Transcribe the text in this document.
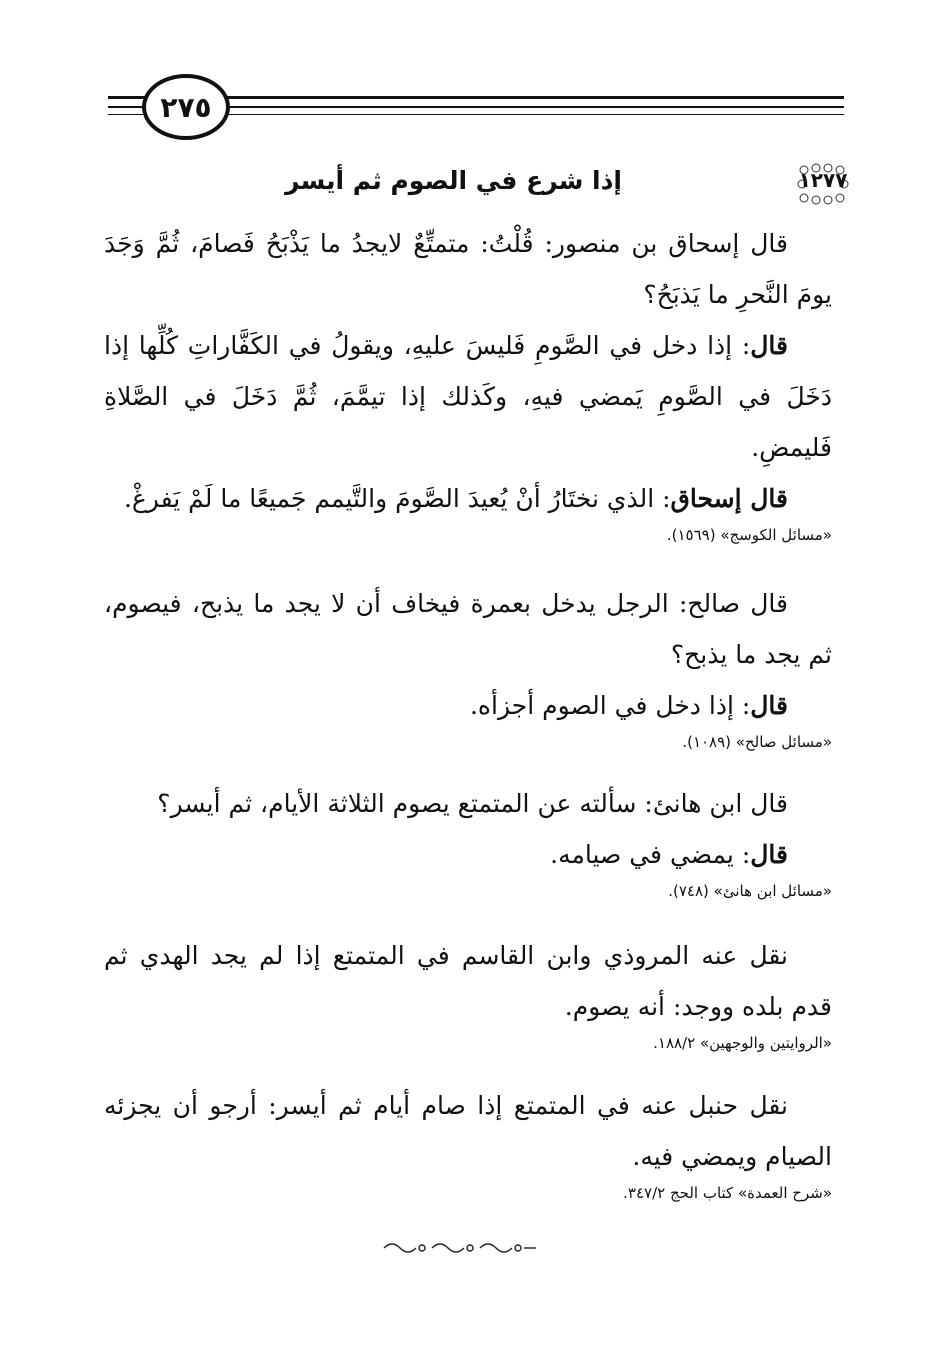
٢٧٥
١٢٧٧
إذا شرع في الصوم ثم أيسر

قال إسحاق بن منصور: قُلْتُ: متمتِّعٌ لايجدُ ما يَذْبَحُ فَصامَ، ثُمَّ وَجَدَ يومَ النَّحرِ ما يَذبَحُ؟

قال: إذا دخل في الصَّومِ فَليسَ عليهِ، ويقولُ في الكَفَّاراتِ كُلِّها إذا دَخَلَ في الصَّومِ يَمضي فيهِ، وكَذلك إذا تيمَّمَ، ثُمَّ دَخَلَ في الصَّلاةِ فَليمضِ.

قال إسحاق: الذي نختَارُ أنْ يُعيدَ الصَّومَ والتَّيمم جَميعًا ما لَمْ يَفرغْ.

«مسائل الكوسج» (١٥٦٩).

قال صالح: الرجل يدخل بعمرة فيخاف أن لا يجد ما يذبح، فيصوم، ثم يجد ما يذبح؟

قال: إذا دخل في الصوم أجزأه.

«مسائل صالح» (١٠٨٩).

قال ابن هانئ: سألته عن المتمتع يصوم الثلاثة الأيام، ثم أيسر؟

قال: يمضي في صيامه.

«مسائل ابن هانئ» (٧٤٨).

نقل عنه المروذي وابن القاسم في المتمتع إذا لم يجد الهدي ثم قدم بلده ووجد: أنه يصوم.

«الروايتين والوجهين» ١٨٨/٢.

نقل حنبل عنه في المتمتع إذا صام أيام ثم أيسر: أرجو أن يجزئه الصيام ويمضي فيه.

«شرح العمدة» كتاب الحج ٣٤٧/٢.
